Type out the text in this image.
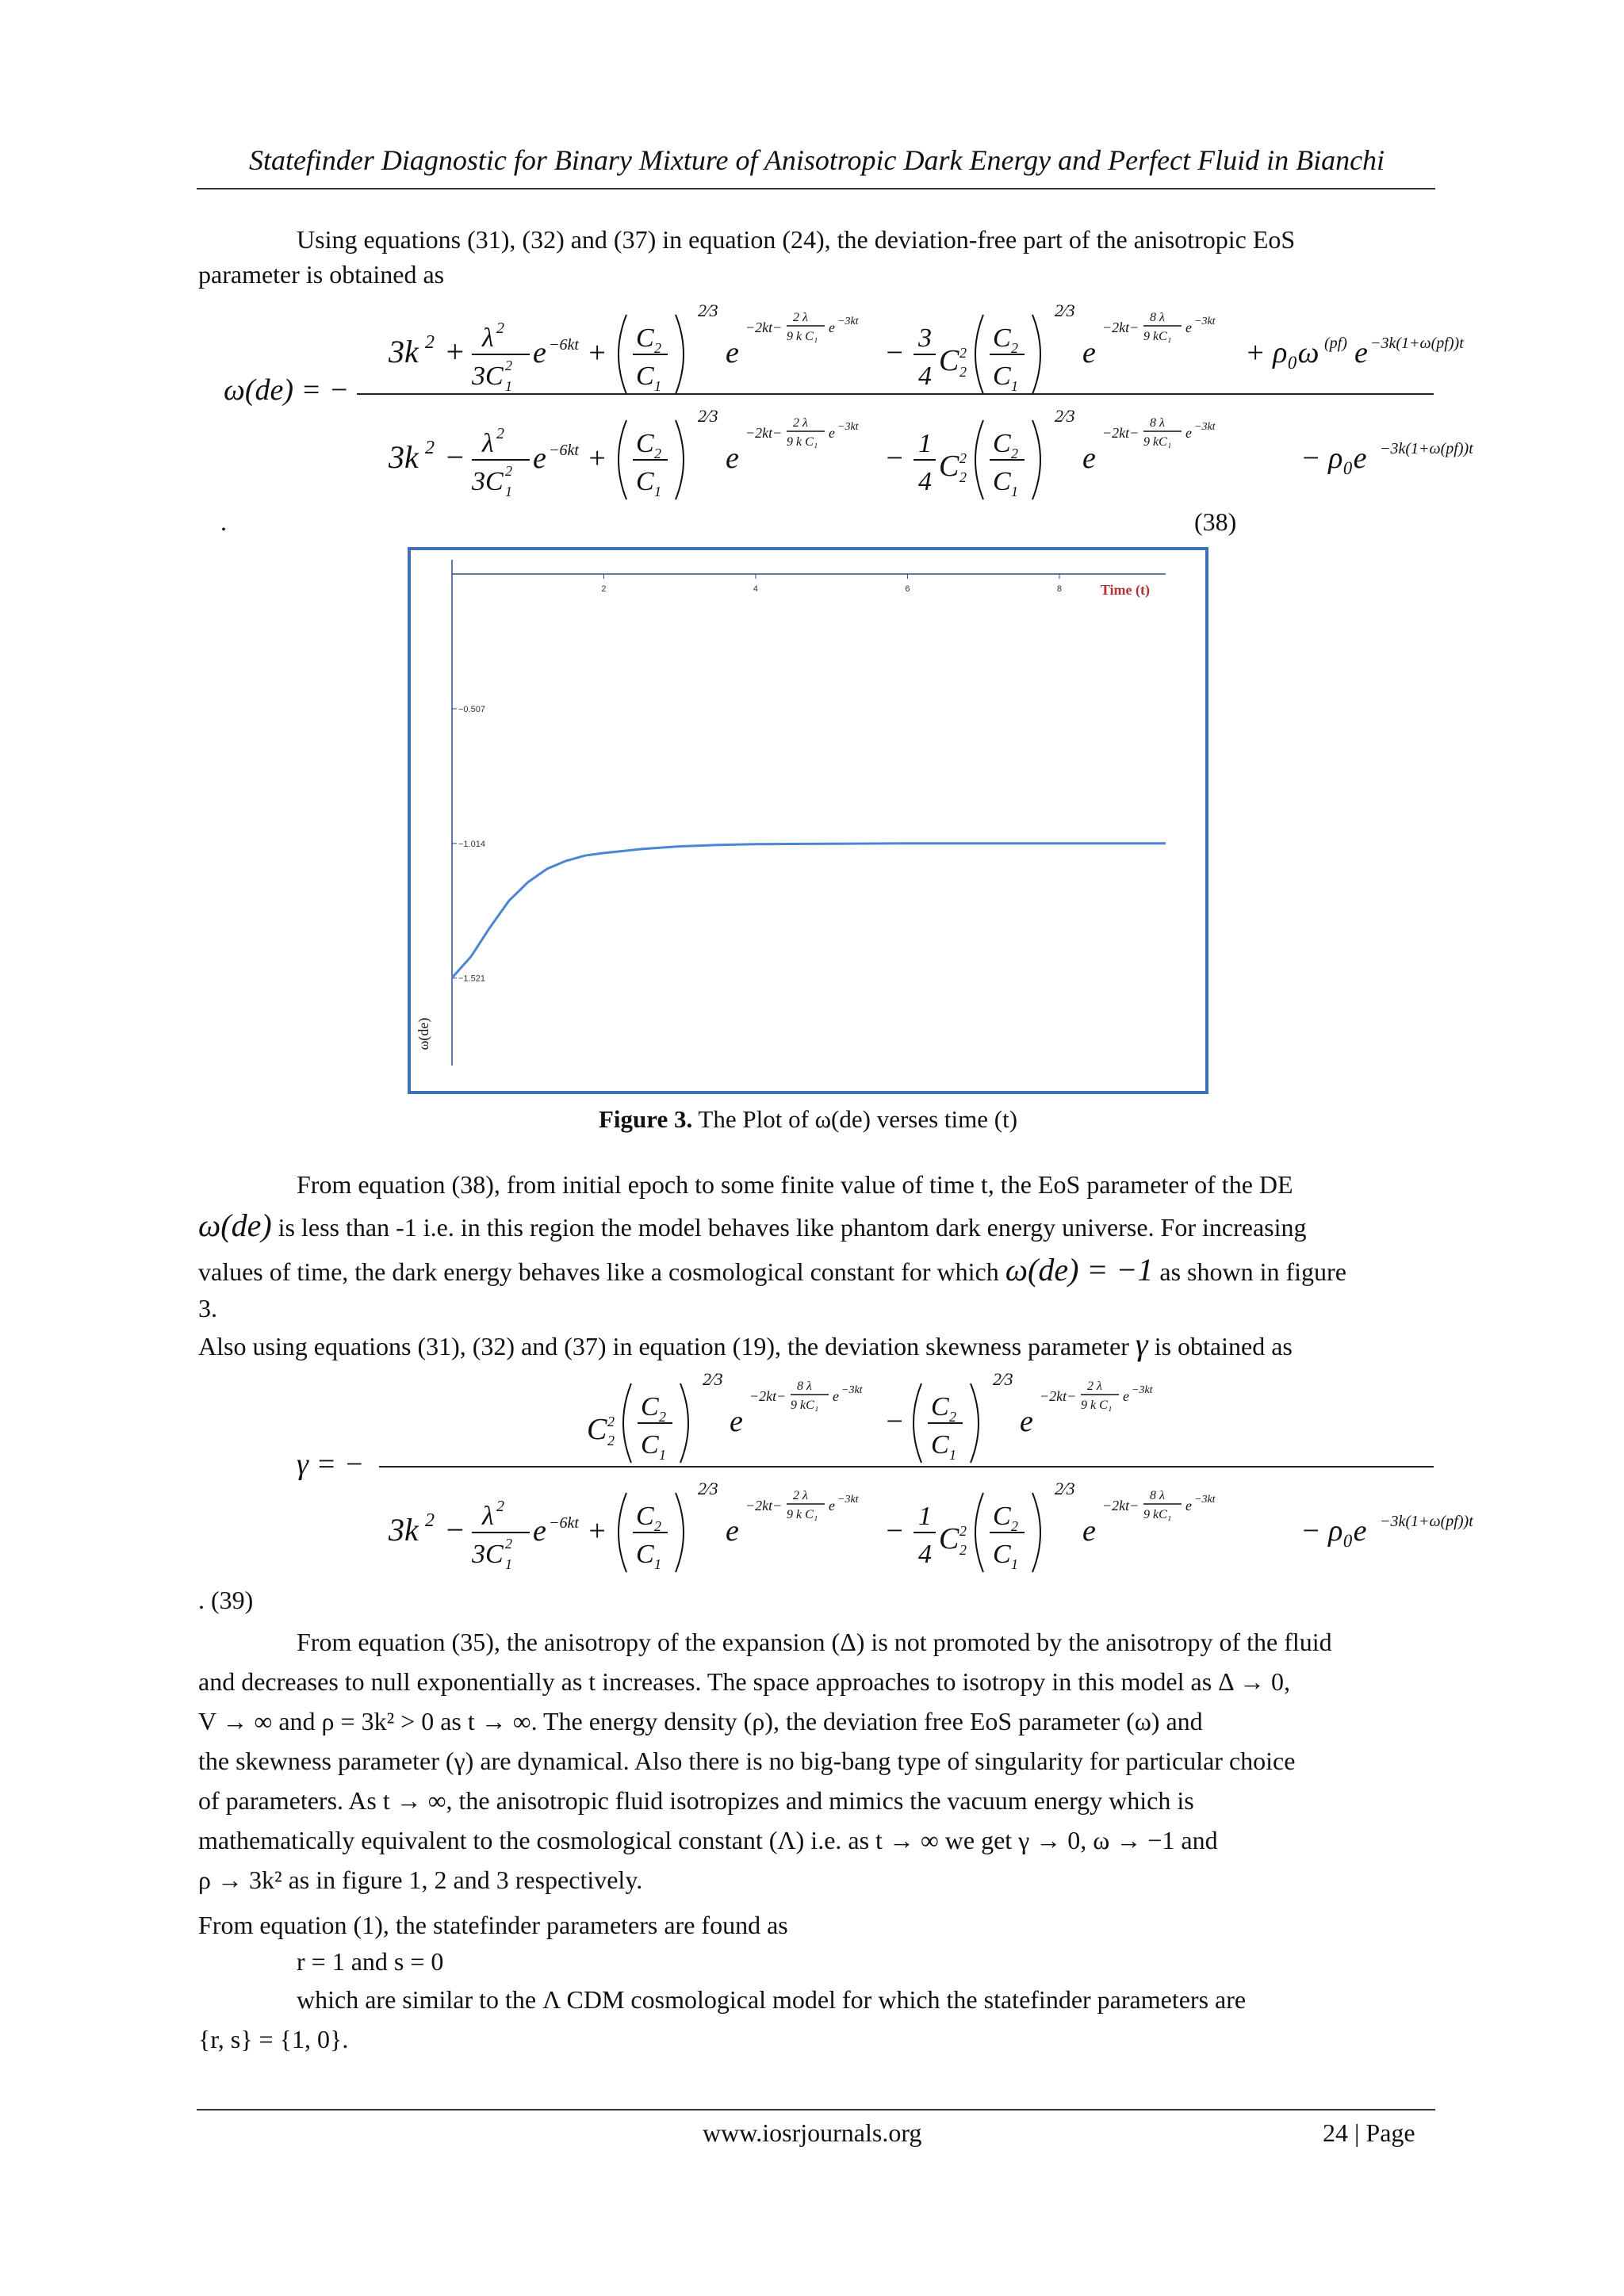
Statefinder Diagnostic for Binary Mixture of Anisotropic Dark Energy and Perfect Fluid in Bianchi
Using equations (31), (32) and (37) in equation (24), the deviation-free part of the anisotropic EoS
parameter is obtained as
ω(de) = −
3k 2 + λ 2
3C 1
2 e −6kt + C 2
C 1
2⁄3
e
−2kt−
2 λ
9 k C₁
e −3kt
− 3
4 C 2
2 C 2
C 1
2⁄3
e
−2kt−
8 λ
9 kC₁
e −3kt
+ ρ₀ω (pf) e −3k(1+ω(pf))t
3k 2 − λ 2
3C 1
2 e −6kt + C 2
C 1
2⁄3
e
−2kt−
2 λ
9 k C₁
e −3kt
− 1
4 C 2
2 C 2
C 1
2⁄3
e
−2kt−
8 λ
9 kC₁
e −3kt
− ρ₀e −3k(1+ω(pf))t
.	(38)
2	4	6	8
−0.507
−1.014
−1.521
Time (t)
ω(de)
Figure 3. The Plot of ω(de) verses time (t)
From equation (38), from initial epoch to some finite value of time t, the EoS parameter of the DE
ω(de) is less than -1 i.e. in this region the model behaves like phantom dark energy universe. For increasing
values of time, the dark energy behaves like a cosmological constant for which ω(de) = −1 as shown in figure
3.
Also using equations (31), (32) and (37) in equation (19), the deviation skewness parameter γ is obtained as
γ = −
C 2
2 C 2
C 1
2⁄3
e
−2kt−
8 λ
9 kC₁
e −3kt
− C 2
C 1
2⁄3
e
−2kt−
2 λ
9 k C₁
e −3kt
3k 2 − λ 2
3C 1
2 e −6kt + C 2
C 1
2⁄3
e
−2kt−
2 λ
9 k C₁
e −3kt
− 1
4 C 2
2 C 2
C 1
2⁄3
e
−2kt−
8 λ
9 kC₁
e −3kt
− ρ₀e −3k(1+ω(pf))t
. (39)
From equation (35), the anisotropy of the expansion (Δ) is not promoted by the anisotropy of the fluid
and decreases to null exponentially as t increases. The space approaches to isotropy in this model as Δ → 0,
V → ∞ and ρ = 3k² > 0 as t → ∞. The energy density (ρ), the deviation free EoS parameter (ω) and
the skewness parameter (γ) are dynamical. Also there is no big-bang type of singularity for particular choice
of parameters. As t → ∞, the anisotropic fluid isotropizes and mimics the vacuum energy which is
mathematically equivalent to the cosmological constant (Λ) i.e. as t → ∞ we get γ → 0, ω → −1 and
ρ → 3k² as in figure 1, 2 and 3 respectively.
From equation (1), the statefinder parameters are found as
r = 1 and s = 0
which are similar to the Λ CDM cosmological model for which the statefinder parameters are
{r, s} = {1, 0}.
www.iosrjournals.org	24 | Page
